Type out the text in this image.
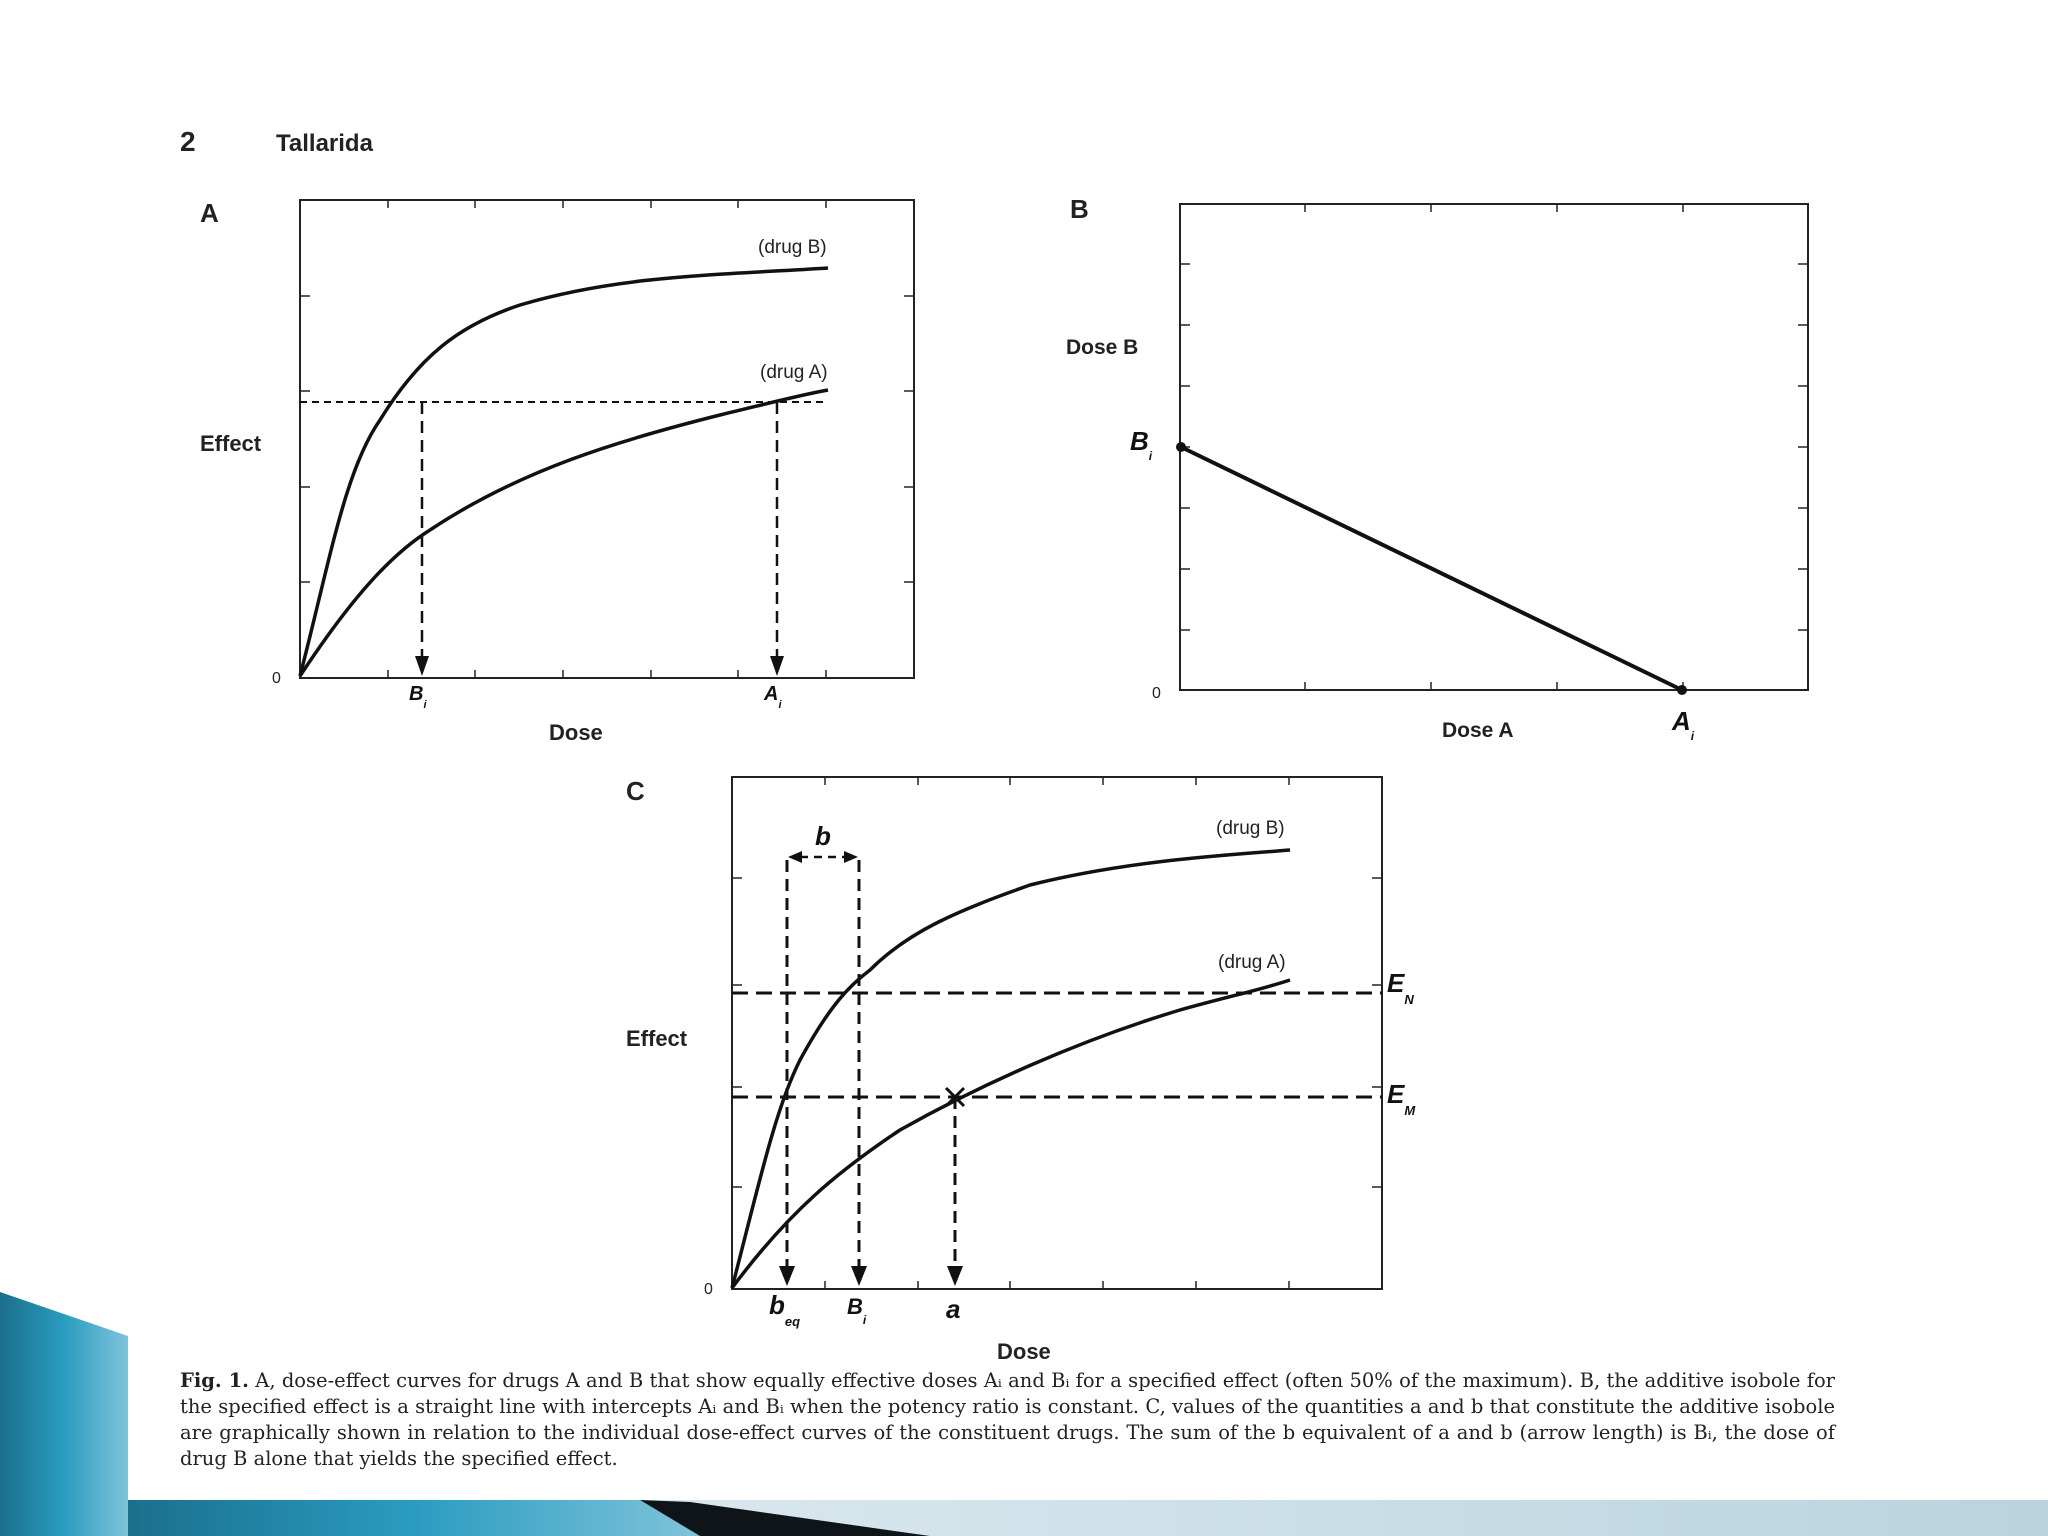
2	Tallarida
A
(drug B)
(drug A)
Effect
Dose
0
$B_i$	$A_i$
B
Dose B
Dose A
0
$B_i$
$A_i$
C
b	(drug B)
(drug A)
$E_N$
$E_M$
Effect
Dose
0
$b_{eq}$
$B_i$	a
Fig. 1. A, dose-effect curves for drugs A and B that show equally effective doses Aᵢ and Bᵢ for a specified effect (often 50% of the maximum). B, the additive isobole for the specified effect is a straight line with intercepts Aᵢ and Bᵢ when the potency ratio is constant. C, values of the quantities a and b that constitute the additive isobole are graphically shown in relation to the individual dose-effect curves of the constituent drugs. The sum of the b equivalent of a and b (arrow length) is Bᵢ, the dose of drug B alone that yields the specified effect.
